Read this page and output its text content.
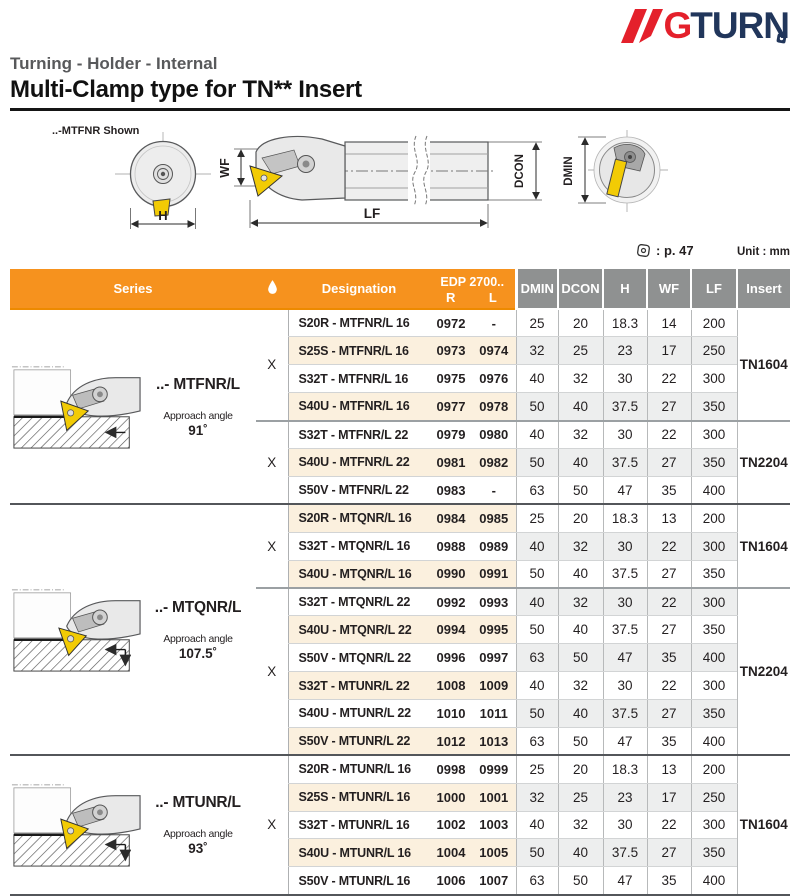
G TURN
Turning - Holder - Internal
Multi-Clamp type for TN** Insert
..-MTFNR Shown
H
WF	DCON
LF
DMIN
: p. 47	Unit : mm
Series		Designation	EDP 2700..
R L		DMIN	DCON	H	WF	LF	Insert

..- MTFNR/L
Approach angle
91˚	X	S20R - MTFNR/L 16	0972	-	25	20	18.3	14	200	TN1604
		S25S - MTFNR/L 16	0973	0974	32	25	23	17	250	
		S32T - MTFNR/L 16	0975	0976	40	32	30	22	300	
		S40U - MTFNR/L 16	0977	0978	50	40	37.5	27	350	
	X	S32T - MTFNR/L 22	0979	0980	40	32	30	22	300	TN2204
		S40U - MTFNR/L 22	0981	0982	50	40	37.5	27	350	
		S50V - MTFNR/L 22	0983	-	63	50	47	35	400	

..- MTQNR/L
Approach angle
107.5˚	X	S20R - MTQNR/L 16	0984	0985	25	20	18.3	13	200	TN1604
		S32T - MTQNR/L 16	0988	0989	40	32	30	22	300	
		S40U - MTQNR/L 16	0990	0991	50	40	37.5	27	350	
	X	S32T - MTQNR/L 22	0992	0993	40	32	30	22	300	TN2204
		S40U - MTQNR/L 22	0994	0995	50	40	37.5	27	350	
		S50V - MTQNR/L 22	0996	0997	63	50	47	35	400	
		S32T - MTUNR/L 22	1008	1009	40	32	30	22	300	
		S40U - MTUNR/L 22	1010	1011	50	40	37.5	27	350	
		S50V - MTUNR/L 22	1012	1013	63	50	47	35	400	

..- MTUNR/L
Approach angle
93˚	X	S20R - MTUNR/L 16	0998	0999	25	20	18.3	13	200	TN1604
		S25S - MTUNR/L 16	1000	1001	32	25	23	17	250	
		S32T - MTUNR/L 16	1002	1003	40	32	30	22	300	
		S40U - MTUNR/L 16	1004	1005	50	40	37.5	27	350	
		S50V - MTUNR/L 16	1006	1007	63	50	47	35	400	
